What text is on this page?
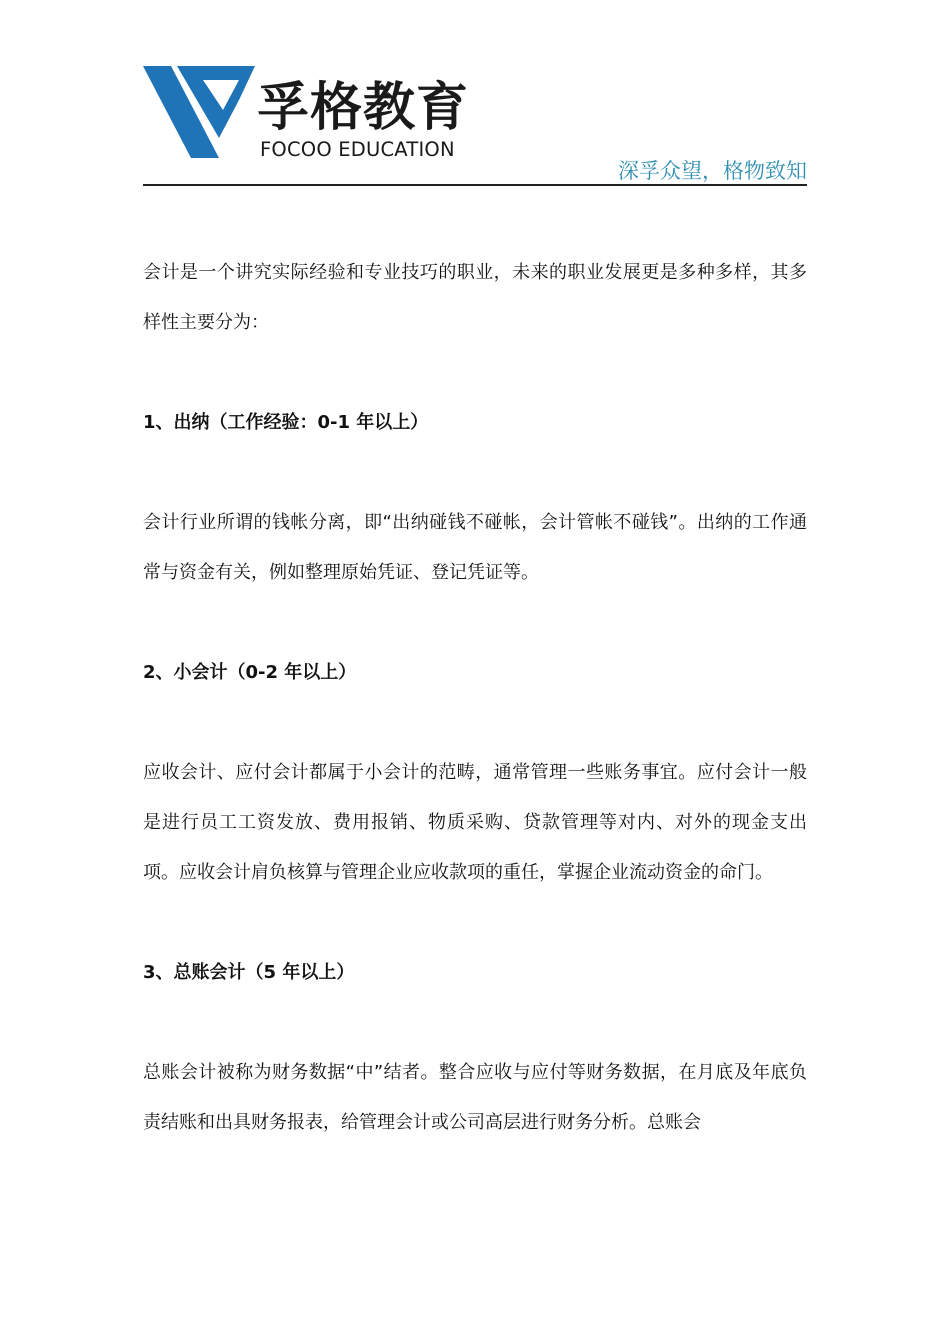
孚格教育
FOCOO EDUCATION
深孚众望，格物致知

会计是一个讲究实际经验和专业技巧的职业，未来的职业发展更是多种多样，其多样性主要分为：

1、出纳（工作经验：0-1 年以上）

会计行业所谓的钱帐分离，即“出纳碰钱不碰帐，会计管帐不碰钱”。出纳的工作通常与资金有关，例如整理原始凭证、登记凭证等。

2、小会计（0-2 年以上）

应收会计、应付会计都属于小会计的范畴，通常管理一些账务事宜。应付会计一般是进行员工工资发放、费用报销、物质采购、贷款管理等对内、对外的现金支出项。应收会计肩负核算与管理企业应收款项的重任，掌握企业流动资金的命门。

3、总账会计（5 年以上）

总账会计被称为财务数据“中”结者。整合应收与应付等财务数据，在月底及年底负责结账和出具财务报表，给管理会计或公司高层进行财务分析。总账会
